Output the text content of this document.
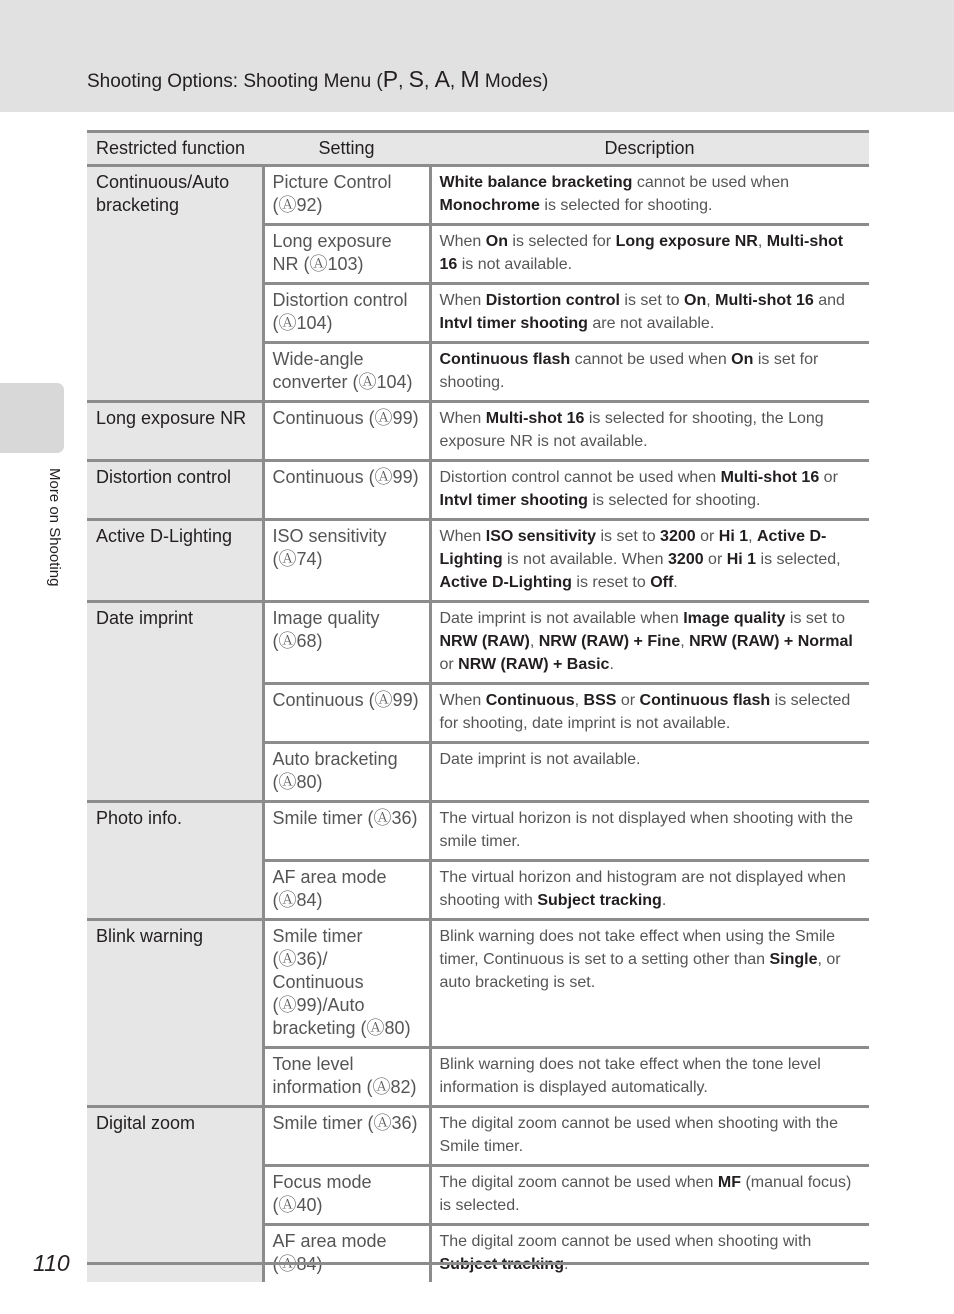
Shooting Options: Shooting Menu (P, S, A, M Modes)
More on Shooting
Restricted function	Setting	Description
Continuous/Auto bracketing	Picture Control (Ⓐ92)	White balance bracketing cannot be used when Monochrome is selected for shooting.
	Long exposure NR (Ⓐ103)	When On is selected for Long exposure NR, Multi-shot 16 is not available.
	Distortion control (Ⓐ104)	When Distortion control is set to On, Multi-shot 16 and Intvl timer shooting are not available.
	Wide-angle converter (Ⓐ104)	Continuous flash cannot be used when On is set for shooting.
Long exposure NR	Continuous (Ⓐ99)	When Multi-shot 16 is selected for shooting, the Long exposure NR is not available.
Distortion control	Continuous (Ⓐ99)	Distortion control cannot be used when Multi-shot 16 or Intvl timer shooting is selected for shooting.
Active D-Lighting	ISO sensitivity (Ⓐ74)	When ISO sensitivity is set to 3200 or Hi 1, Active D-Lighting is not available. When 3200 or Hi 1 is selected, Active D-Lighting is reset to Off.
Date imprint	Image quality (Ⓐ68)	Date imprint is not available when Image quality is set to NRW (RAW), NRW (RAW) + Fine, NRW (RAW) + Normal or NRW (RAW) + Basic.
	Continuous (Ⓐ99)	When Continuous, BSS or Continuous flash is selected for shooting, date imprint is not available.
	Auto bracketing (Ⓐ80)	Date imprint is not available.
Photo info.	Smile timer (Ⓐ36)	The virtual horizon is not displayed when shooting with the smile timer.
	AF area mode (Ⓐ84)	The virtual horizon and histogram are not displayed when shooting with Subject tracking.
Blink warning	Smile timer (Ⓐ36)/ Continuous (Ⓐ99)/Auto bracketing (Ⓐ80)	Blink warning does not take effect when using the Smile timer, Continuous is set to a setting other than Single, or auto bracketing is set.
	Tone level information (Ⓐ82)	Blink warning does not take effect when the tone level information is displayed automatically.
Digital zoom	Smile timer (Ⓐ36)	The digital zoom cannot be used when shooting with the Smile timer.
	Focus mode (Ⓐ40)	The digital zoom cannot be used when MF (manual focus) is selected.
	AF area mode	The digital zoom cannot be used when shooting with
110
